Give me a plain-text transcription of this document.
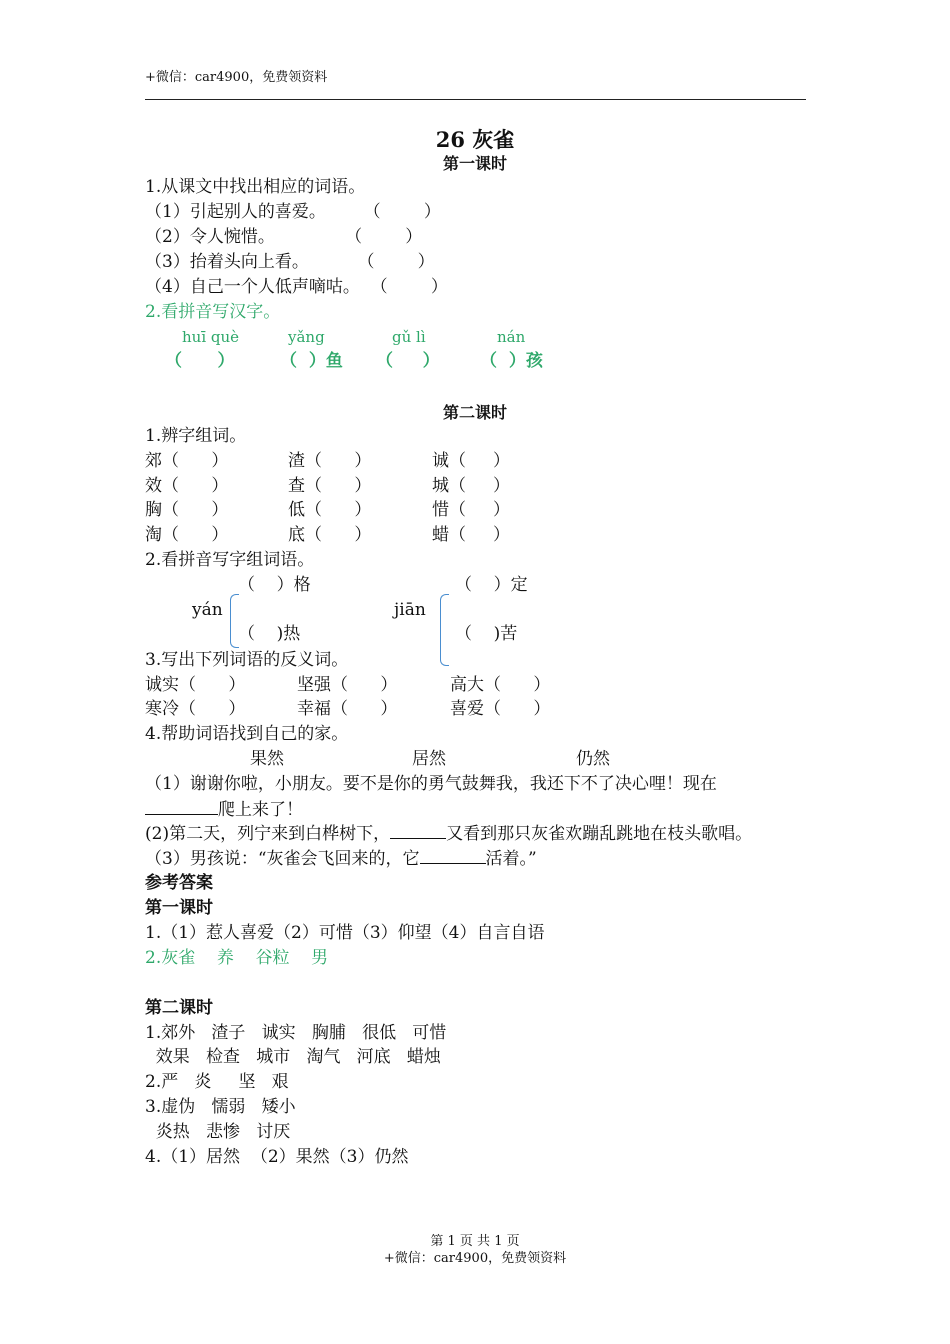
+微信：car4900，免费领资料
26 灰雀
第一课时
1.从课文中找出相应的词语。
（1）引起别人的喜爱。       （        ）
（2）令人惋惜。             （        ）
（3）抬着头向上看。         （        ）
（4）自己一个人低声嘀咕。  （        ）
2.看拼音写汉字。
huī què	yǎng	gǔ lì	nán
（      ）	（  ）鱼 （     ） （  ）孩
第二课时
1.辨字组词。
郊（      ）	渣（      ）	诚（     ）
效（      ）	查（      ）	城（     ）
胸（      ）	低（      ）	惜（     ）
淘（      ）	底（      ）	蜡（     ）
2.看拼音写字组词语。
（    ）格
yán
（    )热
（    ）定
jiān
（    )苦
3.写出下列词语的反义词。
诚实（      ）	坚强（      ）	高大（      ）
寒冷（      ）	幸福（      ）	喜爱（      ）
4.帮助词语找到自己的家。
果然	居然	仍然
（1）谢谢你啦，小朋友。要不是你的勇气鼓舞我，我还下不了决心哩！现在
爬上来了！
(2)第二天，列宁来到白桦树下，	又看到那只灰雀欢蹦乱跳地在枝头歌唱。
（3）男孩说：“灰雀会飞回来的，它	活着。”
参考答案
第一课时
1.（1）惹人喜爱（2）可惜（3）仰望（4）自言自语
2.灰雀    养    谷粒    男
第二课时
1.郊外   渣子   诚实   胸脯   很低   可惜
效果   检查   城市   淘气   河底   蜡烛
2.严   炎     坚   艰
3.虚伪   懦弱   矮小
炎热   悲惨   讨厌
4.（1）居然  （2）果然（3）仍然
第 1 页 共 1 页
+微信：car4900，免费领资料
